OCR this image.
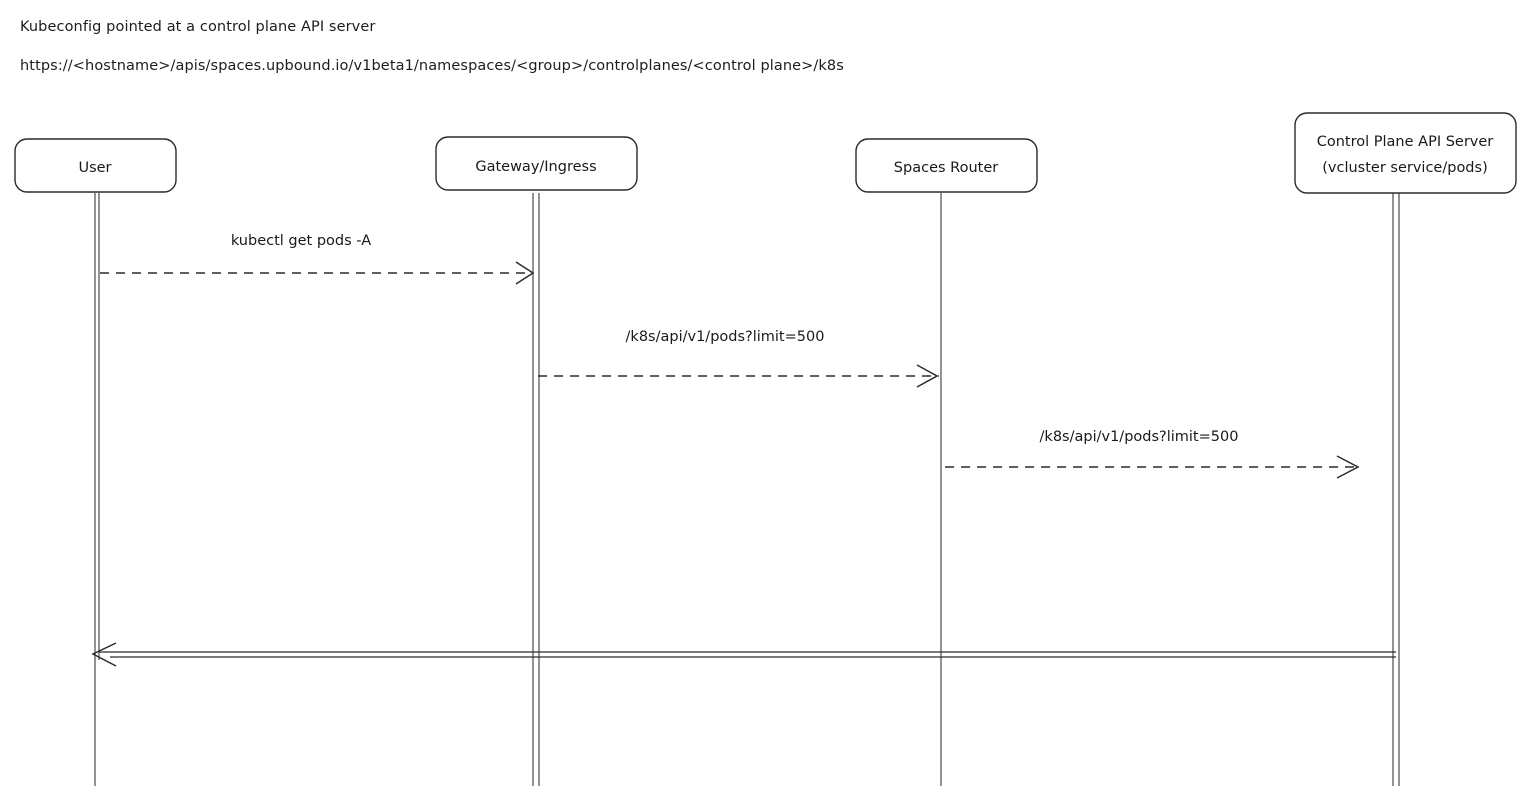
Kubeconfig pointed at a control plane API server
https://<hostname>/apis/spaces.upbound.io/v1beta1/namespaces/<group>/controlplanes/<control plane>/k8s
User	Gateway/Ingress	Spaces Router
Control Plane API Server
(vcluster service/pods)
kubectl get pods -A
/k8s/api/v1/pods?limit=500
/k8s/api/v1/pods?limit=500
